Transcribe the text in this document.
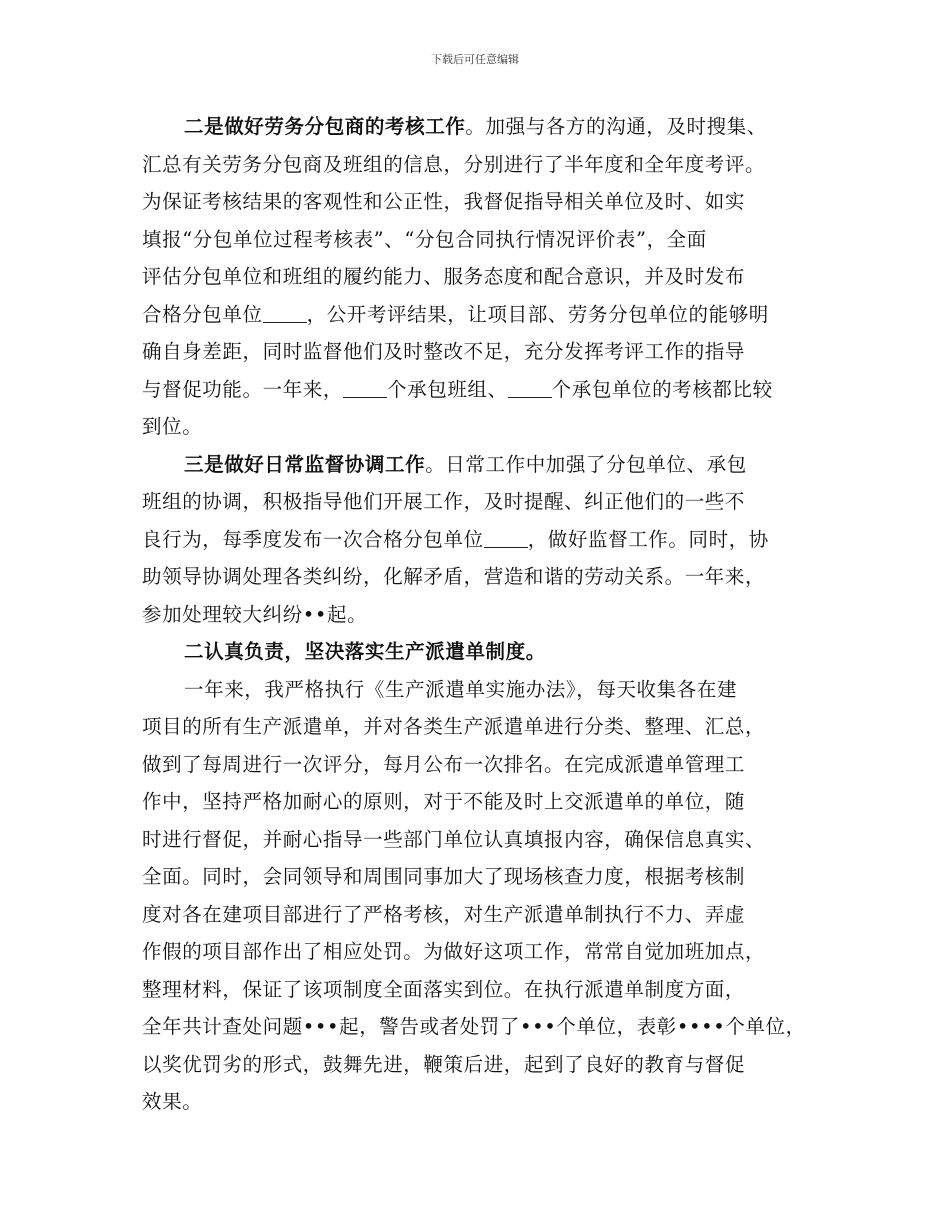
下载后可任意编辑
二是做好劳务分包商的考核工作。加强与各方的沟通，及时搜集、
汇总有关劳务分包商及班组的信息，分别进行了半年度和全年度考评。
为保证考核结果的客观性和公正性，我督促指导相关单位及时、如实
填报“分包单位过程考核表”、“分包合同执行情况评价表”，全面
评估分包单位和班组的履约能力、服务态度和配合意识，并及时发布
合格分包单位 ，公开考评结果，让项目部、劳务分包单位的能够明
确自身差距，同时监督他们及时整改不足，充分发挥考评工作的指导
与督促功能。一年来， 个承包班组、 个承包单位的考核都比较
到位。
三是做好日常监督协调工作。日常工作中加强了分包单位、承包
班组的协调，积极指导他们开展工作，及时提醒、纠正他们的一些不
良行为，每季度发布一次合格分包单位 ，做好监督工作。同时，协
助领导协调处理各类纠纷，化解矛盾，营造和谐的劳动关系。一年来，
参加处理较大纠纷••起。
二认真负责，坚决落实生产派遣单制度。
一年来，我严格执行《生产派遣单实施办法》，每天收集各在建
项目的所有生产派遣单，并对各类生产派遣单进行分类、整理、汇总，
做到了每周进行一次评分，每月公布一次排名。在完成派遣单管理工
作中，坚持严格加耐心的原则，对于不能及时上交派遣单的单位，随
时进行督促，并耐心指导一些部门单位认真填报内容，确保信息真实、
全面。同时，会同领导和周围同事加大了现场核查力度，根据考核制
度对各在建项目部进行了严格考核，对生产派遣单制执行不力、弄虚
作假的项目部作出了相应处罚。为做好这项工作，常常自觉加班加点，
整理材料，保证了该项制度全面落实到位。在执行派遣单制度方面，
全年共计查处问题•••起，警告或者处罚了•••个单位，表彰••••个单位，
以奖优罚劣的形式，鼓舞先进，鞭策后进，起到了良好的教育与督促
效果。
